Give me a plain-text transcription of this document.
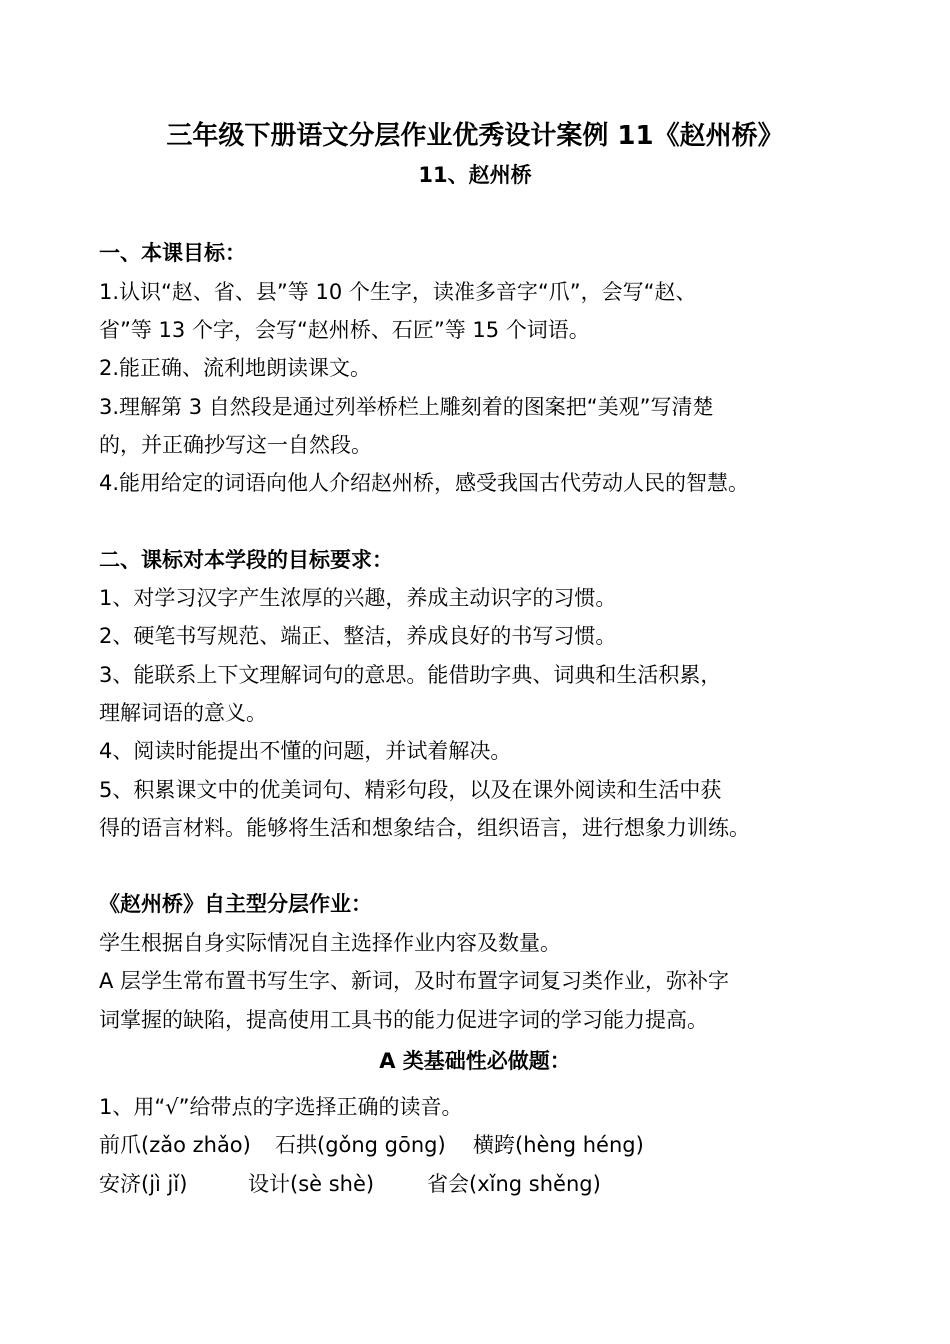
三年级下册语文分层作业优秀设计案例 11《赵州桥》
11、赵州桥
一、本课目标：
1.认识“赵、省、县”等 10 个生字，读准多音字“爪”，会写“赵、
省”等 13 个字，会写“赵州桥、石匠”等 15 个词语。
2.能正确、流利地朗读课文。
3.理解第 3 自然段是通过列举桥栏上雕刻着的图案把“美观”写清楚
的，并正确抄写这一自然段。
4.能用给定的词语向他人介绍赵州桥，感受我国古代劳动人民的智慧。
二、课标对本学段的目标要求：
1、对学习汉字产生浓厚的兴趣，养成主动识字的习惯。
2、硬笔书写规范、端正、整洁，养成良好的书写习惯。
3、能联系上下文理解词句的意思。能借助字典、词典和生活积累，
理解词语的意义。
4、阅读时能提出不懂的问题，并试着解决。
5、积累课文中的优美词句、精彩句段，以及在课外阅读和生活中获
得的语言材料。能够将生活和想象结合，组织语言，进行想象力训练。
《赵州桥》自主型分层作业：
学生根据自身实际情况自主选择作业内容及数量。
A 层学生常布置书写生字、新词，及时布置字词复习类作业，弥补字
词掌握的缺陷，提高使用工具书的能力促进字词的学习能力提高。
A 类基础性必做题：
1、用“√”给带点的字选择正确的读音。
前爪(zǎo zhǎo) 石拱(gǒng gōng) 横跨(hèng héng)
安济(jì jǐ)	设计(sè shè)	省会(xǐng shěng)
